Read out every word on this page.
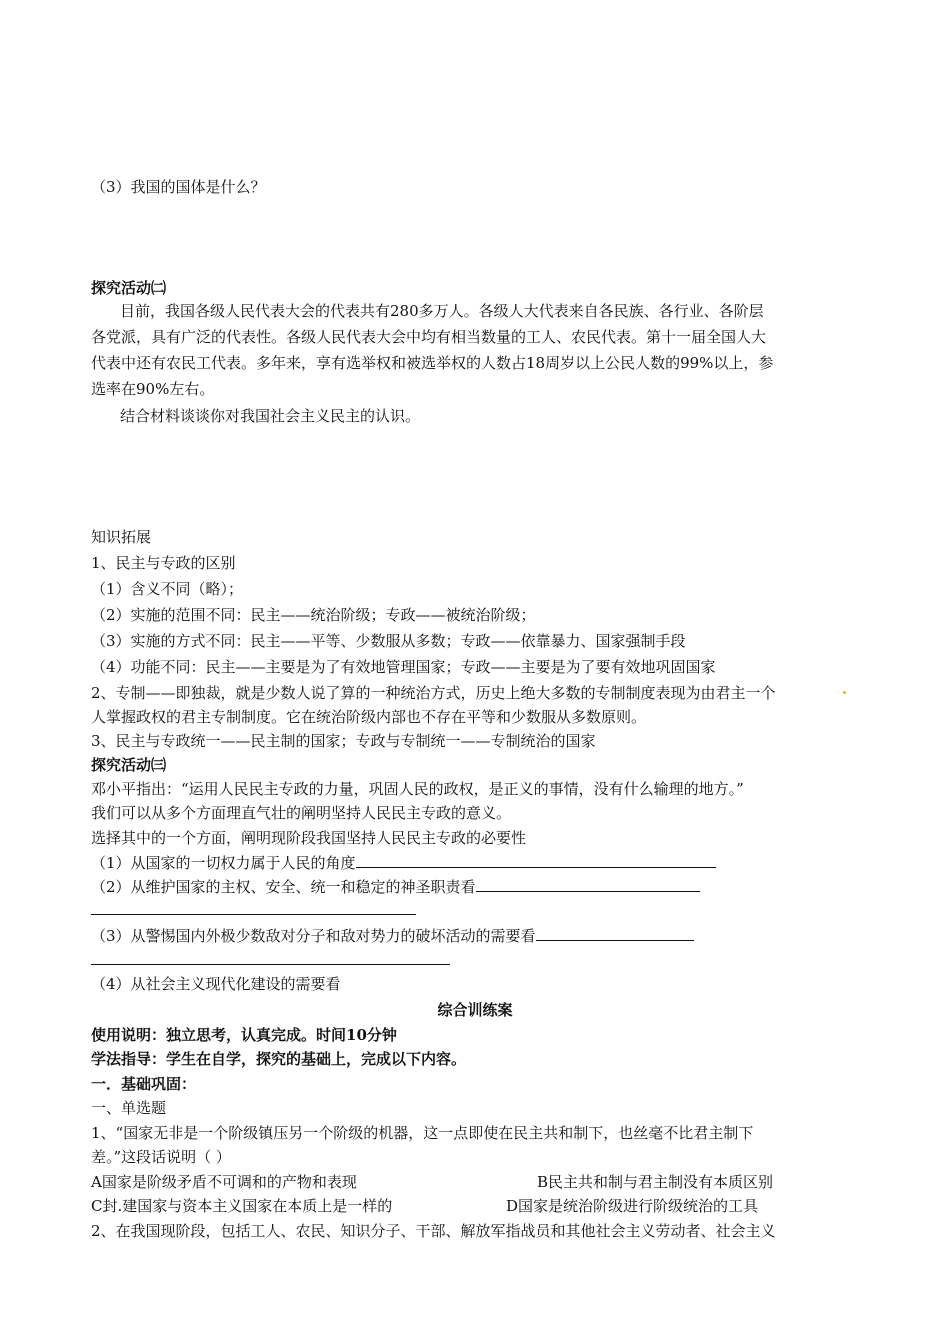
（3）我国的国体是什么？
探究活动㈡
目前，我国各级人民代表大会的代表共有280多万人。各级人大代表来自各民族、各行业、各阶层
各党派，具有广泛的代表性。各级人民代表大会中均有相当数量的工人、农民代表。第十一届全国人大
代表中还有农民工代表。多年来，享有选举权和被选举权的人数占18周岁以上公民人数的99%以上，参
选率在90%左右。
结合材料谈谈你对我国社会主义民主的认识。
知识拓展
1、民主与专政的区别
（1）含义不同（略）；
（2）实施的范围不同：民主——统治阶级；专政——被统治阶级；
（3）实施的方式不同：民主——平等、少数服从多数；专政——依靠暴力、国家强制手段
（4）功能不同：民主——主要是为了有效地管理国家；专政——主要是为了要有效地巩固国家
2、专制——即独裁，就是少数人说了算的一种统治方式，历史上绝大多数的专制制度表现为由君主一个
人掌握政权的君主专制制度。它在统治阶级内部也不存在平等和少数服从多数原则。
3、民主与专政统一——民主制的国家；专政与专制统一——专制统治的国家
探究活动㈢
邓小平指出：“运用人民民主专政的力量，巩固人民的政权，是正义的事情，没有什么输理的地方。”
我们可以从多个方面理直气壮的阐明坚持人民民主专政的意义。
选择其中的一个方面，阐明现阶段我国坚持人民民主专政的必要性
（1）从国家的一切权力属于人民的角度
（2）从维护国家的主权、安全、统一和稳定的神圣职责看
（3）从警惕国内外极少数敌对分子和敌对势力的破坏活动的需要看
（4）从社会主义现代化建设的需要看
综合训练案
使用说明：独立思考，认真完成。时间10分钟
学法指导：学生在自学，探究的基础上，完成以下内容。
一．基础巩固：
一、单选题
1、“国家无非是一个阶级镇压另一个阶级的机器，这一点即使在民主共和制下，也丝毫不比君主制下
差。”这段话说明（ ）
A国家是阶级矛盾不可调和的产物和表现	B民主共和制与君主制没有本质区别
C封.建国家与资本主义国家在本质上是一样的	D国家是统治阶级进行阶级统治的工具
2、在我国现阶段，包括工人、农民、知识分子、干部、解放军指战员和其他社会主义劳动者、社会主义
